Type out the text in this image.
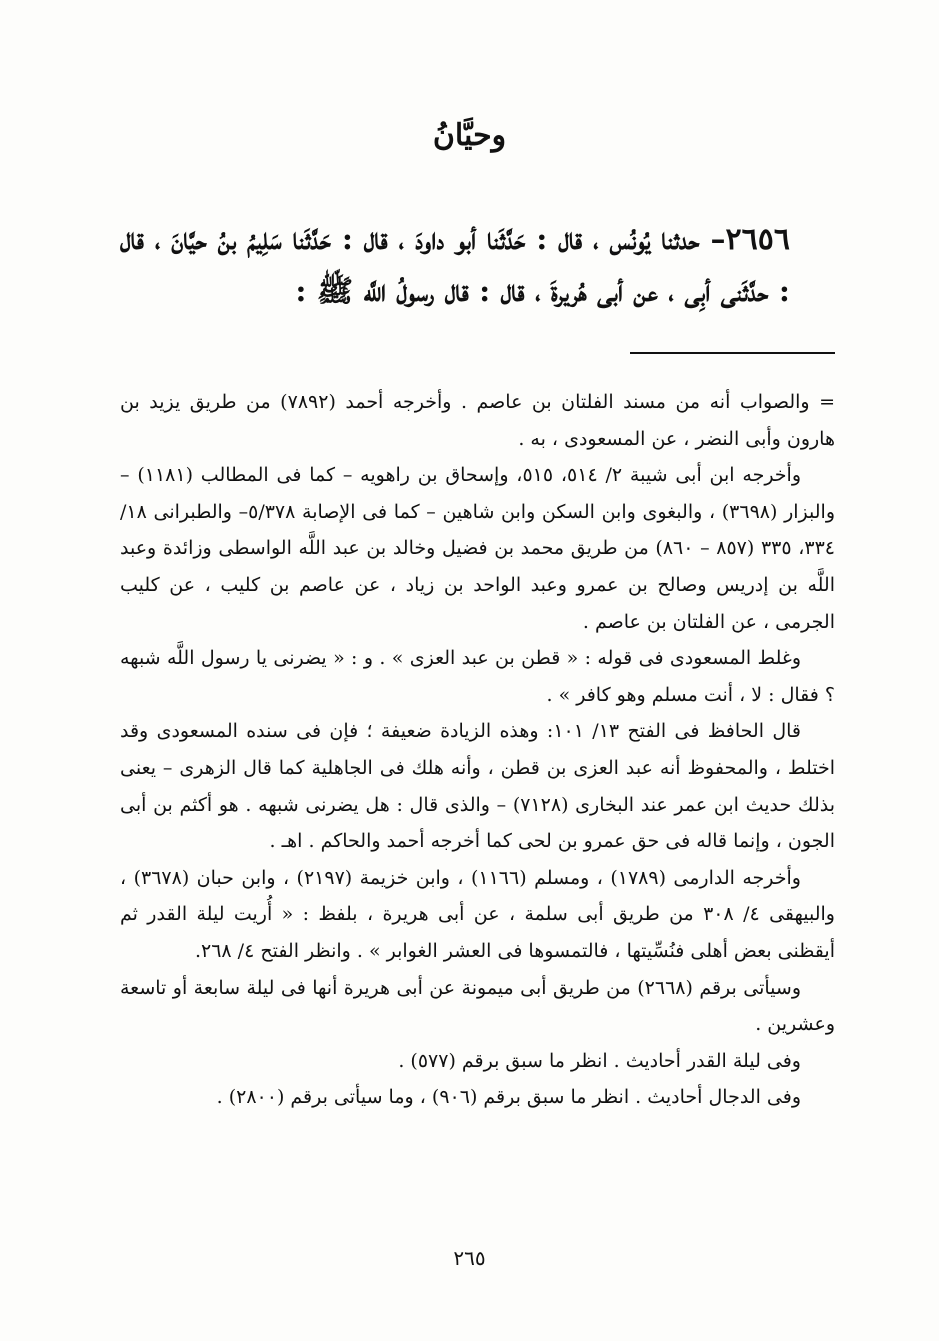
وحيَّانُ
٢٦٥٦– حدثنا يُونُس ، قال : حَدَّثَنا أبو داودَ ، قال : حَدَّثَنا سَلِيمُ بنُ حيَّانَ ، قال : حدَّثَنى أبِى ، عن أبى هُريرةَ ، قال : قال رسولُ اللَّه ﷺ :

= والصواب أنه من مسند الفلتان بن عاصم . وأخرجه أحمد (٧٨٩٢) من طريق يزيد بن هارون وأبى النضر ، عن المسعودى ، به .

وأخرجه ابن أبى شيبة ٢/ ٥١٤، ٥١٥، وإسحاق بن راهويه – كما فى المطالب (١١٨١) – والبزار (٣٦٩٨) ، والبغوى وابن السكن وابن شاهين – كما فى الإصابة ٥/٣٧٨– والطبرانى ١٨/ ٣٣٤، ٣٣٥ (٨٥٧ – ٨٦٠) من طريق محمد بن فضيل وخالد بن عبد اللَّه الواسطى وزائدة وعبد اللَّه بن إدريس وصالح بن عمرو وعبد الواحد بن زياد ، عن عاصم بن كليب ، عن كليب الجرمى ، عن الفلتان بن عاصم .

وغلط المسعودى فى قوله : « قطن بن عبد العزى » . و : « يضرنى يا رسول اللَّه شبهه ؟ فقال : لا ، أنت مسلم وهو كافر » .

قال الحافظ فى الفتح ١٣/ ١٠١: وهذه الزيادة ضعيفة ؛ فإن فى سنده المسعودى وقد اختلط ، والمحفوظ أنه عبد العزى بن قطن ، وأنه هلك فى الجاهلية كما قال الزهرى – يعنى بذلك حديث ابن عمر عند البخارى (٧١٢٨) – والذى قال : هل يضرنى شبهه . هو أكثم بن أبى الجون ، وإنما قاله فى حق عمرو بن لحى كما أخرجه أحمد والحاكم . اهـ .

وأخرجه الدارمى (١٧٨٩) ، ومسلم (١١٦٦) ، وابن خزيمة (٢١٩٧) ، وابن حبان (٣٦٧٨) ، والبيهقى ٤/ ٣٠٨ من طريق أبى سلمة ، عن أبى هريرة ، بلفظ : « أُريت ليلة القدر ثم أيقظنى بعض أهلى فنُسِّيتها ، فالتمسوها فى العشر الغوابر » . وانظر الفتح ٤/ ٢٦٨.

وسيأتى برقم (٢٦٦٨) من طريق أبى ميمونة عن أبى هريرة أنها فى ليلة سابعة أو تاسعة وعشرين .

وفى ليلة القدر أحاديث . انظر ما سبق برقم (٥٧٧) .

وفى الدجال أحاديث . انظر ما سبق برقم (٩٠٦) ، وما سيأتى برقم (٢٨٠٠) .

٢٦٥
